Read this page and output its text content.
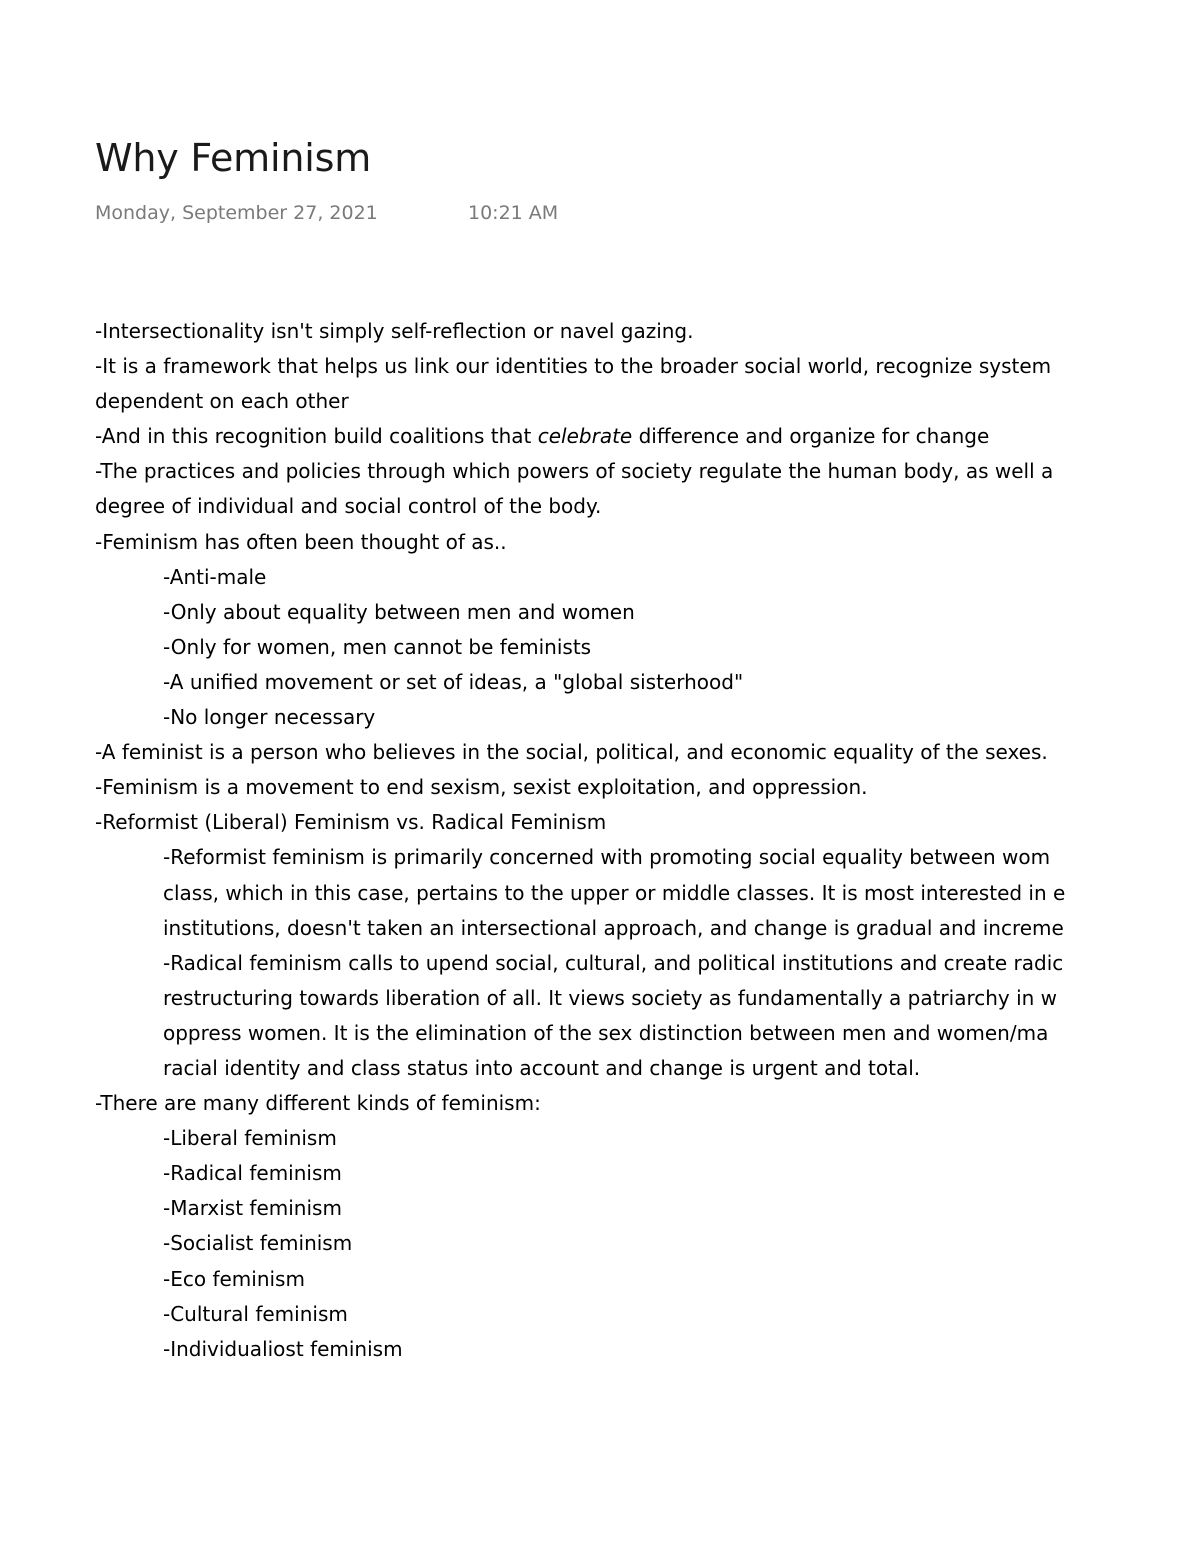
Why Feminism
Monday, September 27, 2021	10:21 AM
-Intersectionality isn't simply self-reflection or navel gazing.
-It is a framework that helps us link our identities to the broader social world, recognize system
dependent on each other
-And in this recognition build coalitions that celebrate difference and organize for change
-The practices and policies through which powers of society regulate the human body, as well a
degree of individual and social control of the body.
-Feminism has often been thought of as..
-Anti-male
-Only about equality between men and women
-Only for women, men cannot be feminists
-A unified movement or set of ideas, a "global sisterhood"
-No longer necessary
-A feminist is a person who believes in the social, political, and economic equality of the sexes.
-Feminism is a movement to end sexism, sexist exploitation, and oppression.
-Reformist (Liberal) Feminism vs. Radical Feminism
-Reformist feminism is primarily concerned with promoting social equality between wom
class, which in this case, pertains to the upper or middle classes. It is most interested in e
institutions, doesn't taken an intersectional approach, and change is gradual and increme
-Radical feminism calls to upend social, cultural, and political institutions and create radic
restructuring towards liberation of all. It views society as fundamentally a patriarchy in w
oppress women. It is the elimination of the sex distinction between men and women/ma
racial identity and class status into account and change is urgent and total.
-There are many different kinds of feminism:
-Liberal feminism
-Radical feminism
-Marxist feminism
-Socialist feminism
-Eco feminism
-Cultural feminism
-Individualiost feminism
